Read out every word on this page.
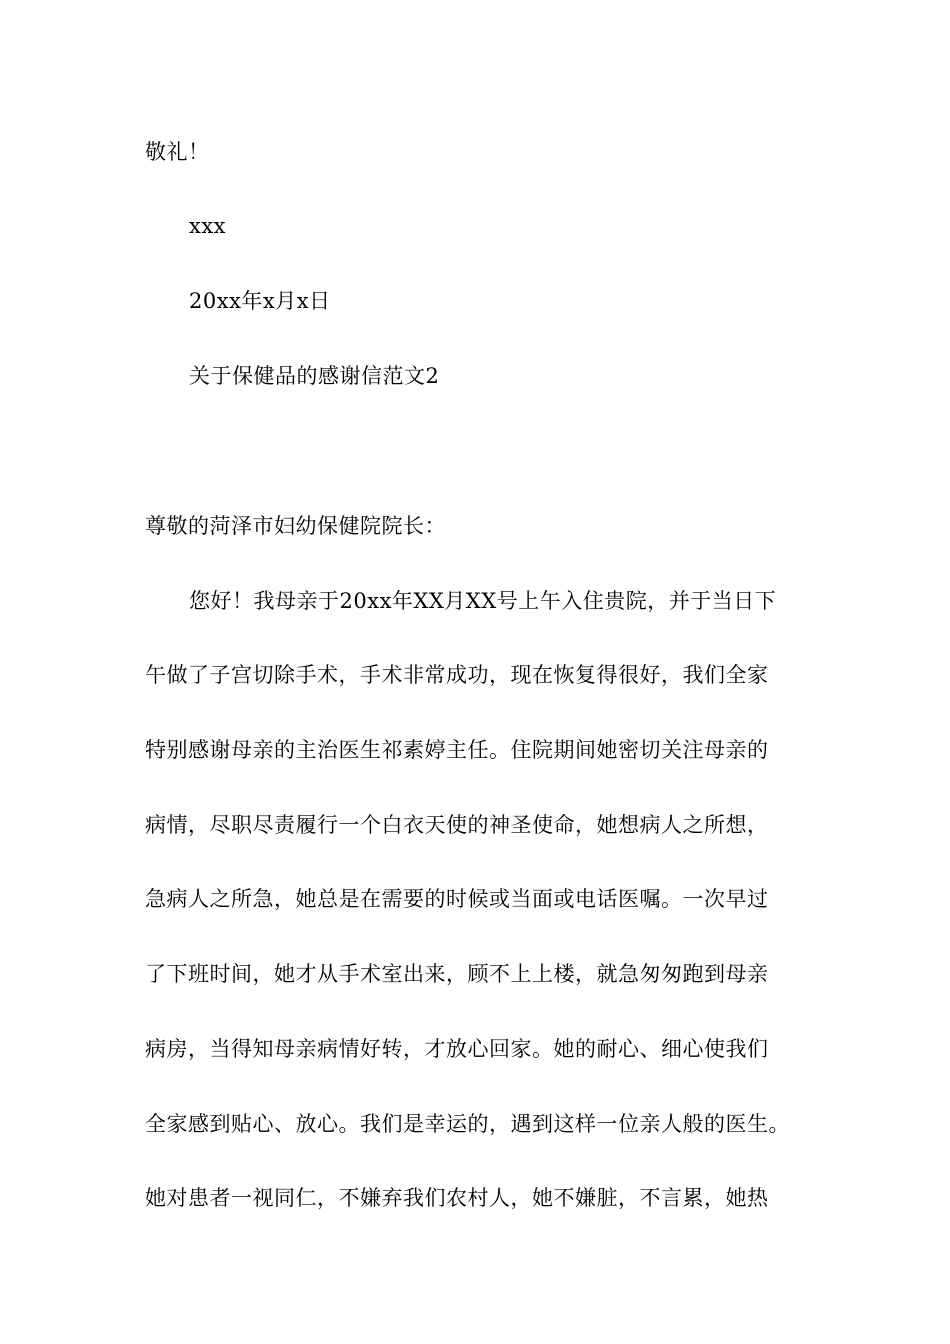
敬礼！
xxx
20xx年x月x日
关于保健品的感谢信范文2
尊敬的菏泽市妇幼保健院院长：
您好！我母亲于20xx年XX月XX号上午入住贵院，并于当日下
午做了子宫切除手术，手术非常成功，现在恢复得很好，我们全家
特别感谢母亲的主治医生祁素婷主任。住院期间她密切关注母亲的
病情，尽职尽责履行一个白衣天使的神圣使命，她想病人之所想，
急病人之所急，她总是在需要的时候或当面或电话医嘱。一次早过
了下班时间，她才从手术室出来，顾不上上楼，就急匆匆跑到母亲
病房，当得知母亲病情好转，才放心回家。她的耐心、细心使我们
全家感到贴心、放心。我们是幸运的，遇到这样一位亲人般的医生。
她对患者一视同仁，不嫌弃我们农村人，她不嫌脏，不言累，她热
